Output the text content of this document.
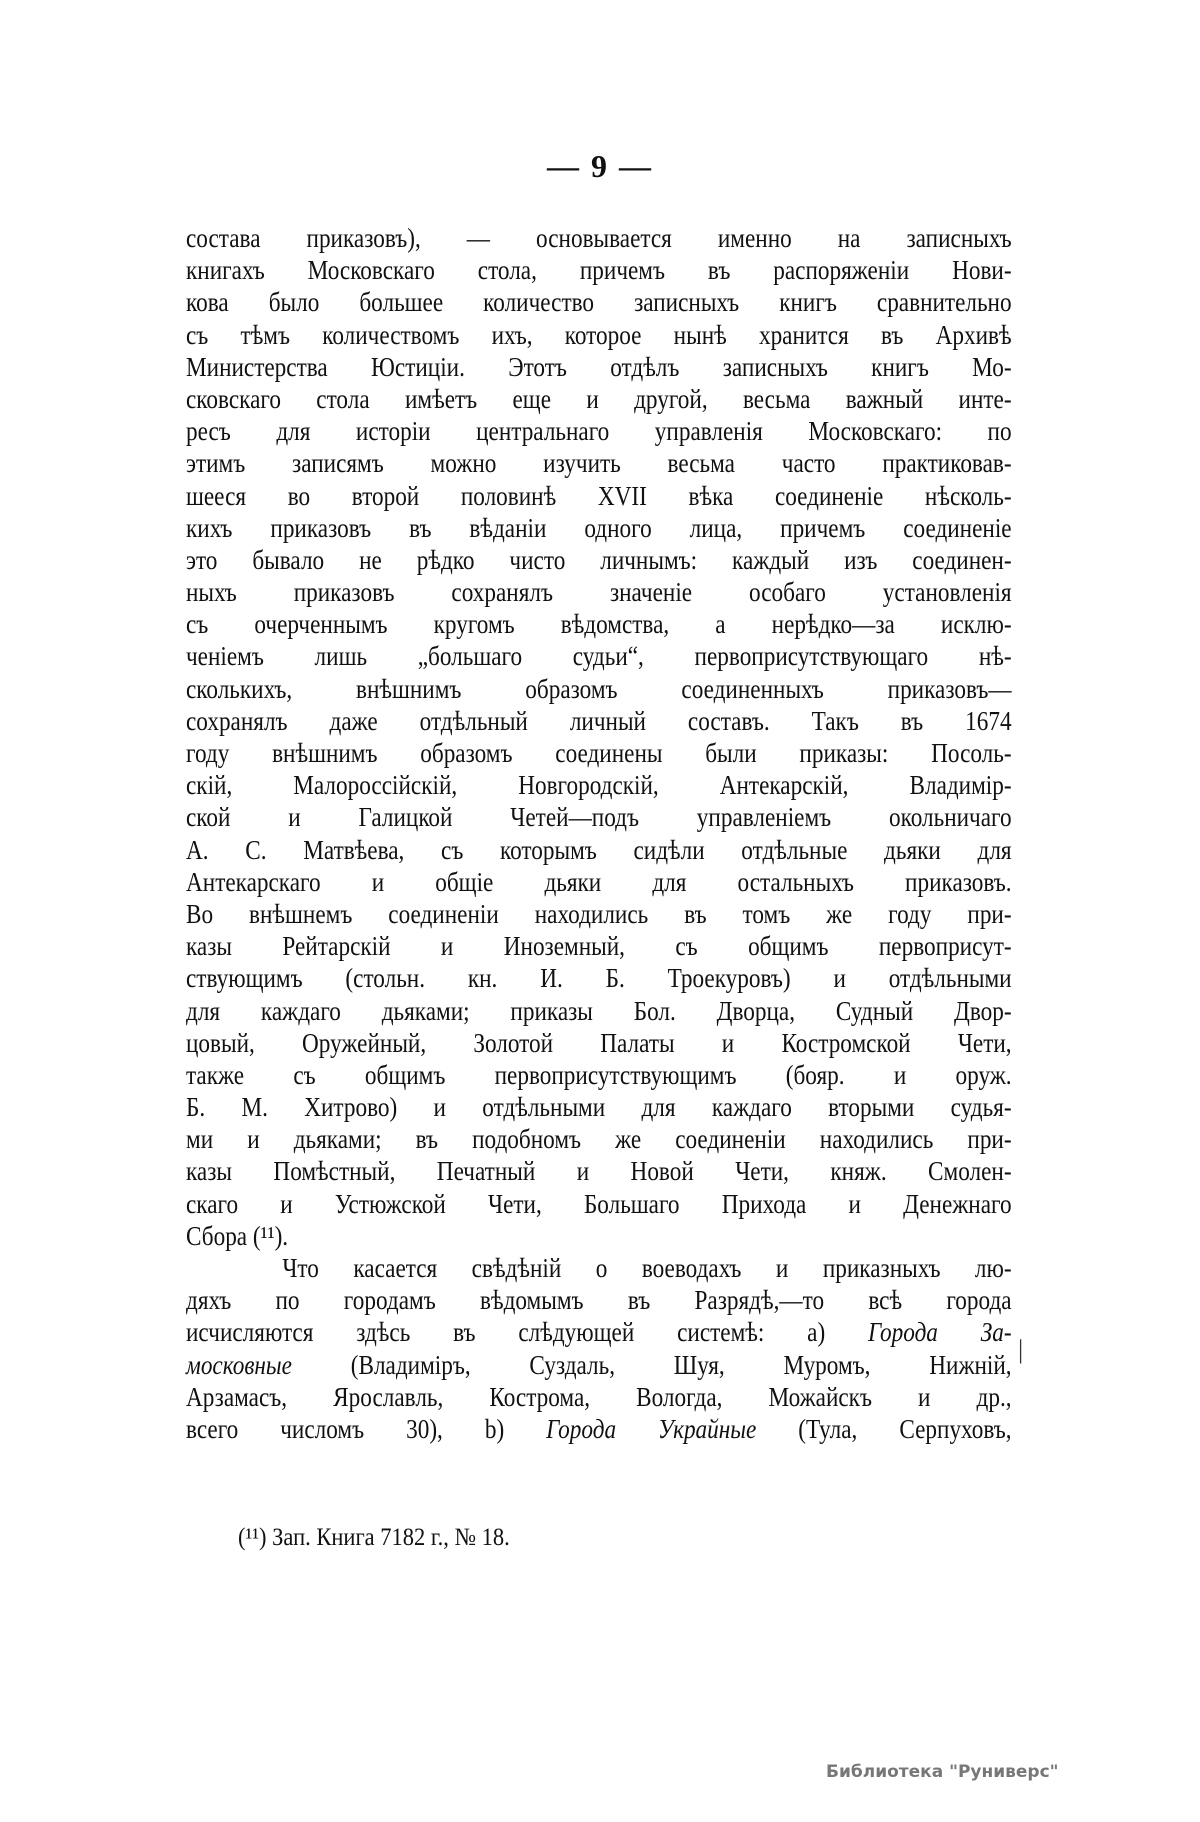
— 9 —
состава приказовъ), — основывается именно на записныхъ
книгахъ Московскаго стола, причемъ въ распоряженіи Нови-
кова было большее количество записныхъ книгъ сравнительно
съ тѣмъ количествомъ ихъ, которое нынѣ хранится въ Архивѣ
Министерства Юстиціи. Этотъ отдѣлъ записныхъ книгъ Мо-
сковскаго стола имѣетъ еще и другой, весьма важный инте-
ресъ для исторіи центральнаго управленія Московскаго: по
этимъ записямъ можно изучить весьма часто практиковав-
шееся во второй половинѣ XVII вѣка соединеніе нѣсколь-
кихъ приказовъ въ вѣданіи одного лица, причемъ соединеніе
это бывало не рѣдко чисто личнымъ: каждый изъ соединен-
ныхъ приказовъ сохранялъ значеніе особаго установленія
съ очерченнымъ кругомъ вѣдомства, а нерѣдко—за исклю-
ченіемъ лишь „большаго судьи“, первоприсутствующаго нѣ-
сколькихъ, внѣшнимъ образомъ соединенныхъ приказовъ—
сохранялъ даже отдѣльный личный составъ. Такъ въ 1674
году внѣшнимъ образомъ соединены были приказы: Посоль-
скій, Малороссійскій, Новгородскій, Антекарскій, Владимір-
ской и Галицкой Четей—подъ управленіемъ окольничаго
А. С. Матвѣева, съ которымъ сидѣли отдѣльные дьяки для
Антекарскаго и общіе дьяки для остальныхъ приказовъ.
Во внѣшнемъ соединеніи находились въ томъ же году при-
казы Рейтарскій и Иноземный, съ общимъ первоприсут-
ствующимъ (стольн. кн. И. Б. Троекуровъ) и отдѣльными
для каждаго дьяками; приказы Бол. Дворца, Судный Двор-
цовый, Оружейный, Золотой Палаты и Костромской Чети,
также съ общимъ первоприсутствующимъ (бояр. и оруж.
Б. М. Хитрово) и отдѣльными для каждаго вторыми судья-
ми и дьяками; въ подобномъ же соединеніи находились при-
казы Помѣстный, Печатный и Новой Чети, княж. Смолен-
скаго и Устюжской Чети, Большаго Прихода и Денежнаго
Сбора (¹¹).
Что касается свѣдѣній о воеводахъ и приказныхъ лю-
дяхъ по городамъ вѣдомымъ въ Разрядѣ,—то всѣ города
исчисляются здѣсь въ слѣдующей системѣ: а) Города За-
московные (Владиміръ, Суздаль, Шуя, Муромъ, Нижній,
Арзамасъ, Ярославль, Кострома, Вологда, Можайскъ и др.,
всего числомъ 30), b) Города Украйные (Тула, Серпуховъ,
|
(¹¹) Зап. Книга 7182 г., № 18.
Библиотека "Руниверс"
